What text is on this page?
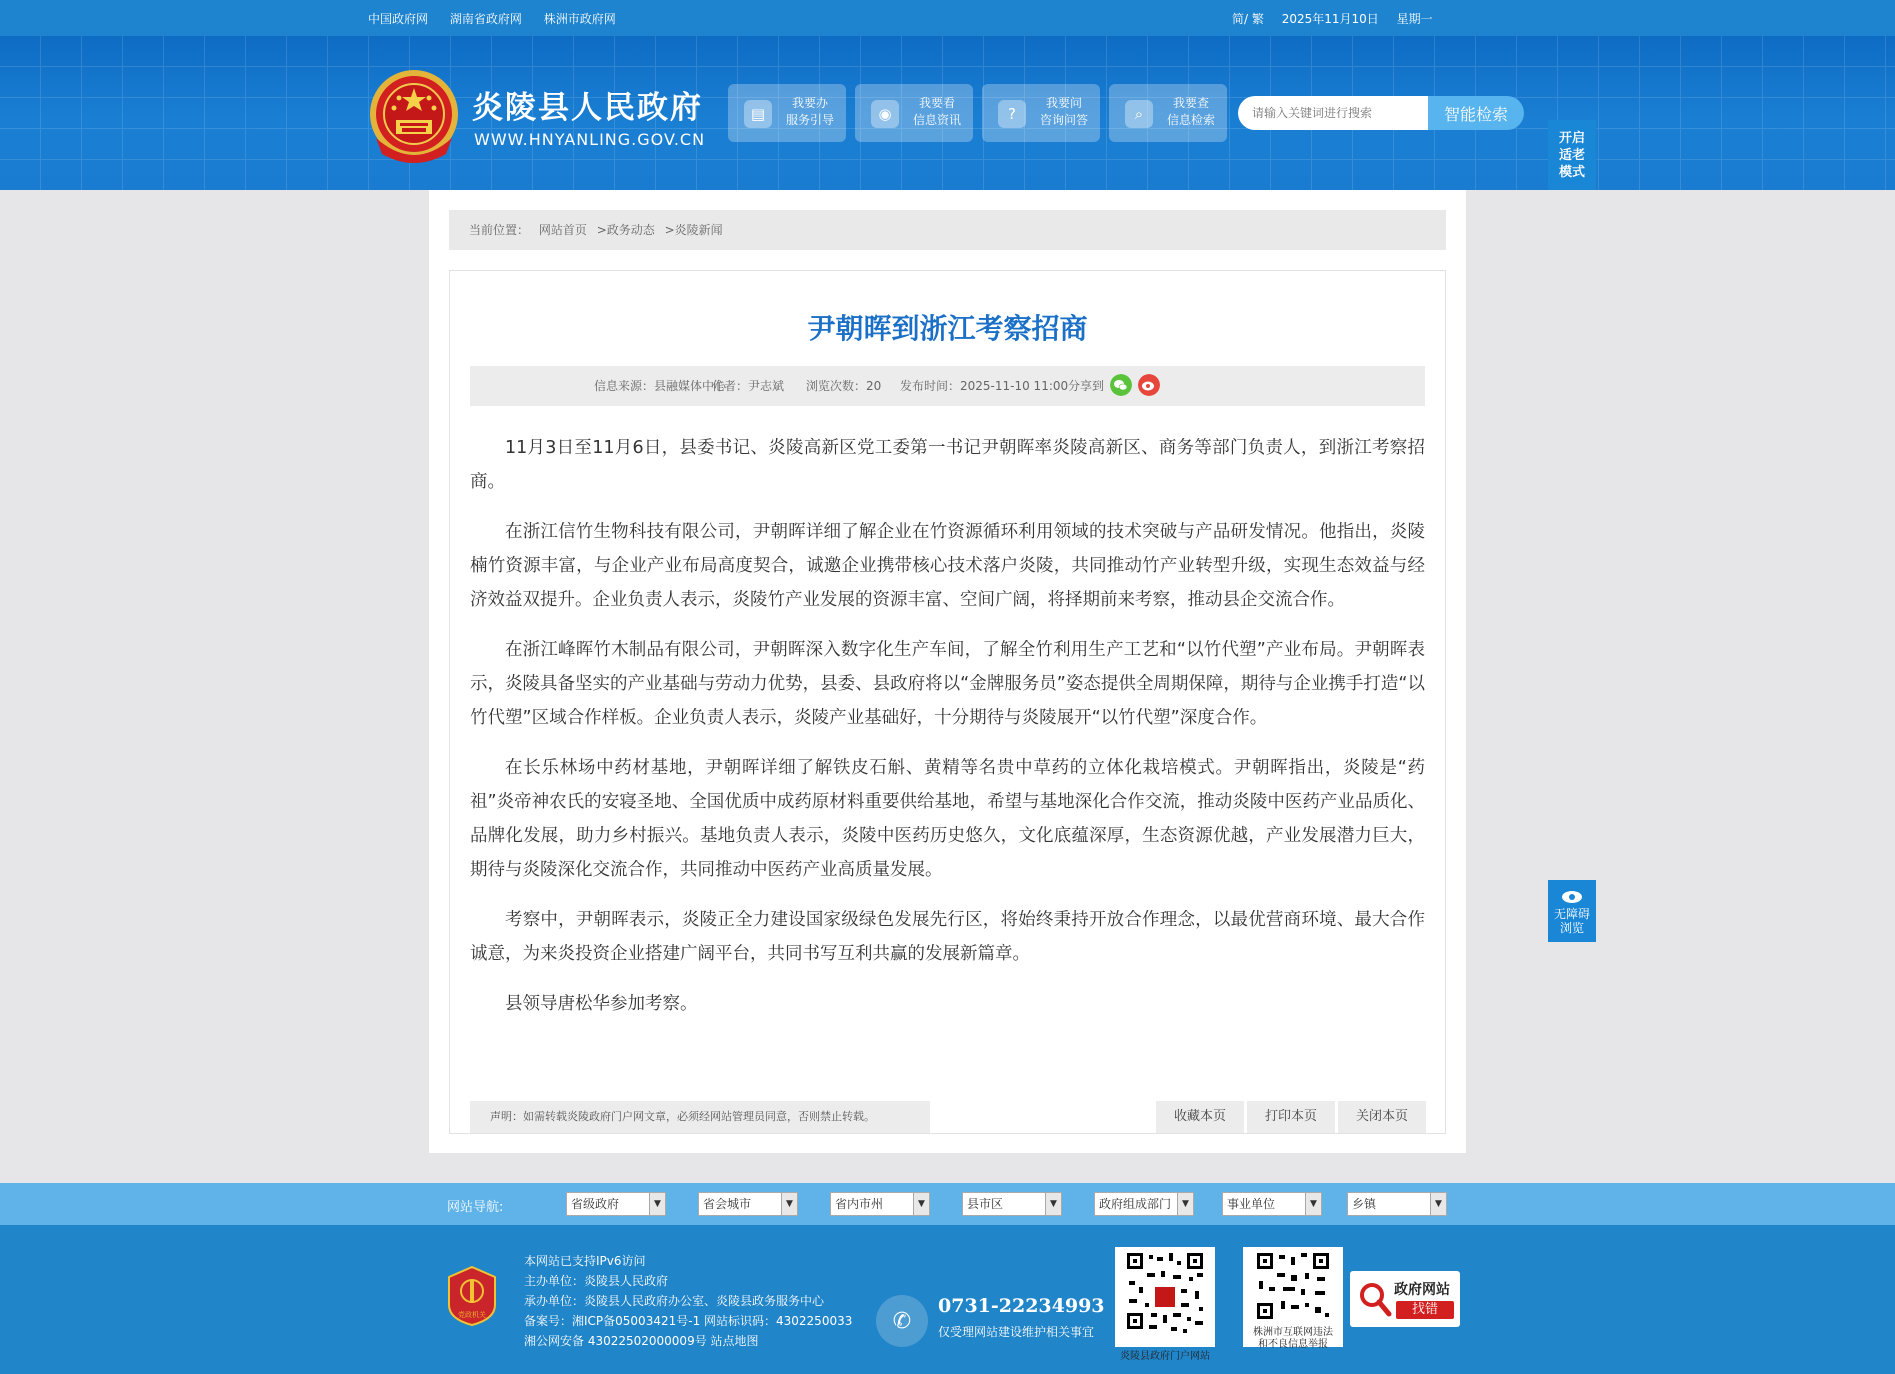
中国政府网 湖南省政府网 株洲市政府网	简/ 繁 2025年11月10日 星期一
炎陵县人民政府
WWW.HNYANLING.GOV.CN
▤
我要办
服务引导	◉
我要看
信息资讯	?
我要问
咨询问答	⌕
我要查
信息检索
请输入关键词进行搜索	智能检索
开启
适老
模式
无障碍
浏览
当前位置： 网站首页 >政务动态 >炎陵新闻
尹朝晖到浙江考察招商
信息来源：县融媒体中心
作者：尹志斌 浏览次数：20 发布时间：2025-11-10 11:00 分享到

11月3日至11月6日，县委书记、炎陵高新区党工委第一书记尹朝晖率炎陵高新区、商务等部门负责人，到浙江考察招商。

在浙江信竹生物科技有限公司，尹朝晖详细了解企业在竹资源循环利用领域的技术突破与产品研发情况。他指出，炎陵楠竹资源丰富，与企业产业布局高度契合，诚邀企业携带核心技术落户炎陵，共同推动竹产业转型升级，实现生态效益与经济效益双提升。企业负责人表示，炎陵竹产业发展的资源丰富、空间广阔，将择期前来考察，推动县企交流合作。

在浙江峰晖竹木制品有限公司，尹朝晖深入数字化生产车间，了解全竹利用生产工艺和“以竹代塑”产业布局。尹朝晖表示，炎陵具备坚实的产业基础与劳动力优势，县委、县政府将以“金牌服务员”姿态提供全周期保障，期待与企业携手打造“以竹代塑”区域合作样板。企业负责人表示，炎陵产业基础好，十分期待与炎陵展开“以竹代塑”深度合作。

在长乐林场中药材基地，尹朝晖详细了解铁皮石斛、黄精等名贵中草药的立体化栽培模式。尹朝晖指出，炎陵是“药祖”炎帝神农氏的安寝圣地、全国优质中成药原材料重要供给基地，希望与基地深化合作交流，推动炎陵中医药产业品质化、品牌化发展，助力乡村振兴。基地负责人表示，炎陵中医药历史悠久，文化底蕴深厚，生态资源优越，产业发展潜力巨大，期待与炎陵深化交流合作，共同推动中医药产业高质量发展。

考察中，尹朝晖表示，炎陵正全力建设国家级绿色发展先行区，将始终秉持开放合作理念，以最优营商环境、最大合作诚意，为来炎投资企业搭建广阔平台，共同书写互利共赢的发展新篇章。

县领导唐松华参加考察。

声明：如需转载炎陵政府门户网文章，必须经网站管理员同意，否则禁止转载。	收藏本页	打印本页	关闭本页
网站导航:	省级政府	▼	省会城市	▼	省内市州	▼	县市区	▼	政府组成部门	▼	事业单位	▼	乡镇	▼
党政机关
本网站已支持IPv6访问
主办单位：炎陵县人民政府
承办单位：炎陵县人民政府办公室、炎陵县政务服务中心
备案号：湘ICP备05003421号-1 网站标识码：4302250033
湘公网安备 43022502000009号 站点地图
✆
0731-22234993
仅受理网站建设维护相关事宜
炎陵县政府门户网站
株洲市互联网违法
和不良信息举报
政府网站
找错
